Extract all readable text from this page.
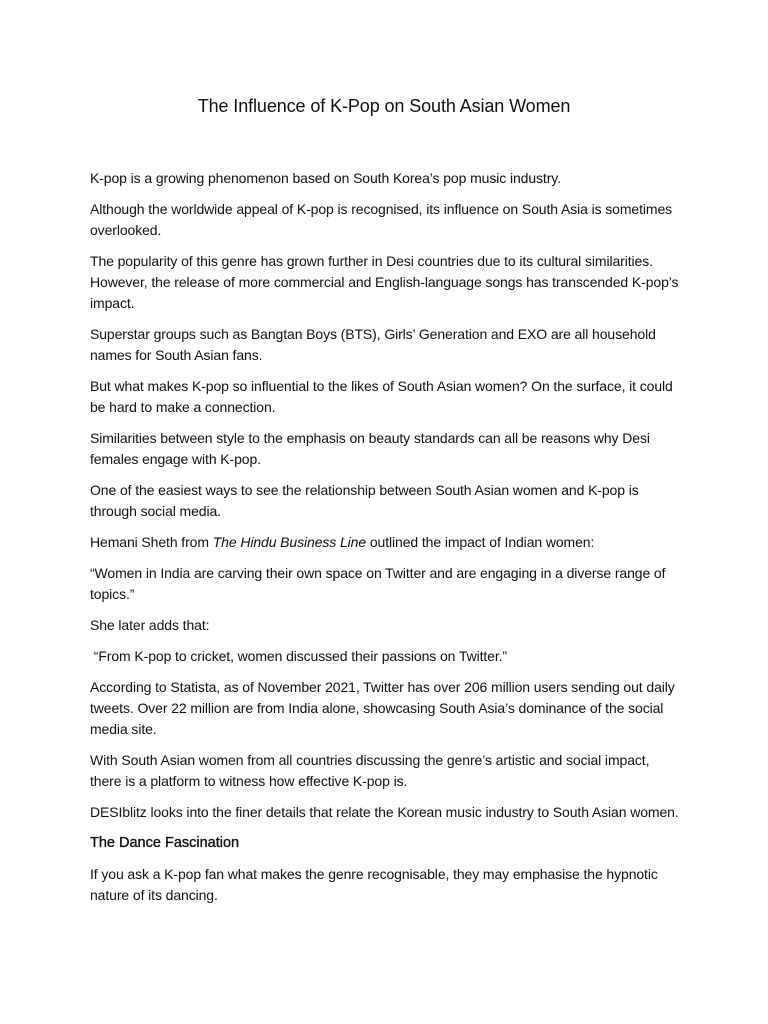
The Influence of K-Pop on South Asian Women

K-pop is a growing phenomenon based on South Korea’s pop music industry.

Although the worldwide appeal of K-pop is recognised, its influence on South Asia is sometimes overlooked.

The popularity of this genre has grown further in Desi countries due to its cultural similarities. However, the release of more commercial and English-language songs has transcended K-pop’s impact.

Superstar groups such as Bangtan Boys (BTS), Girls’ Generation and EXO are all household names for South Asian fans.

But what makes K-pop so influential to the likes of South Asian women? On the surface, it could be hard to make a connection.

Similarities between style to the emphasis on beauty standards can all be reasons why Desi females engage with K-pop.

One of the easiest ways to see the relationship between South Asian women and K-pop is through social media.

Hemani Sheth from The Hindu Business Line outlined the impact of Indian women:

“Women in India are carving their own space on Twitter and are engaging in a diverse range of topics.”

She later adds that:

“From K-pop to cricket, women discussed their passions on Twitter.”

According to Statista, as of November 2021, Twitter has over 206 million users sending out daily tweets. Over 22 million are from India alone, showcasing South Asia’s dominance of the social media site.

With South Asian women from all countries discussing the genre’s artistic and social impact, there is a platform to witness how effective K-pop is.

DESIblitz looks into the finer details that relate the Korean music industry to South Asian women.

The Dance Fascination

If you ask a K-pop fan what makes the genre recognisable, they may emphasise the hypnotic nature of its dancing.
